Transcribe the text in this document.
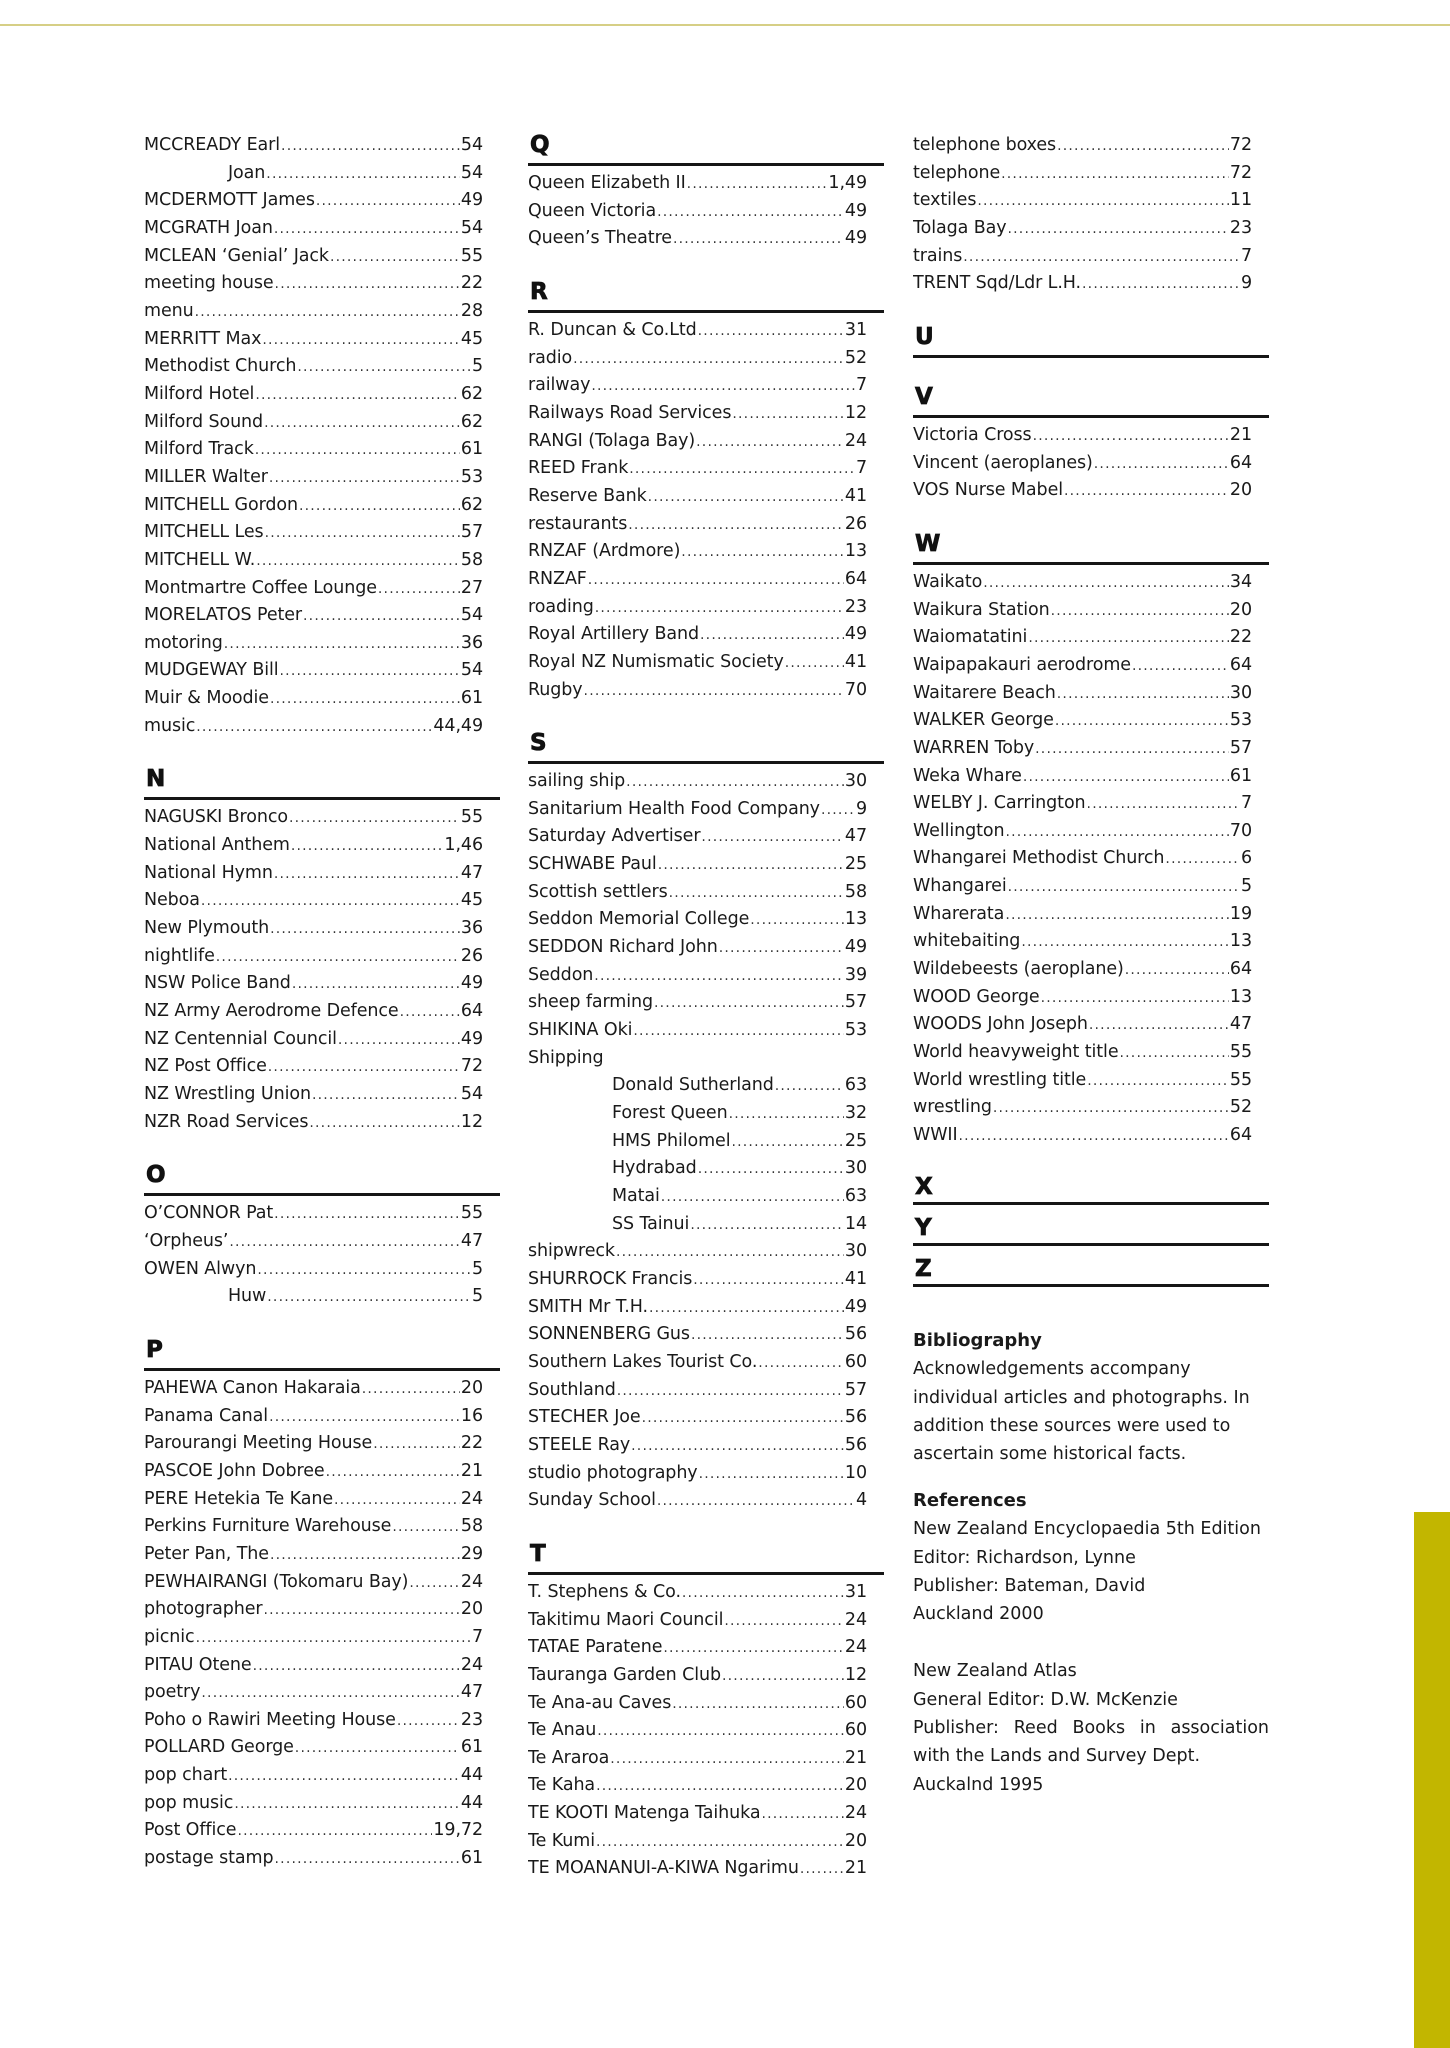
MCCREADY Earl .....	54
Joan .....	54
MCDERMOTT James .....	49
MCGRATH Joan .....	54
MCLEAN ‘Genial’ Jack .....	55
meeting house .....	22
menu .....	28
MERRITT Max .....	45
Methodist Church .....	5
Milford Hotel .....	62
Milford Sound .....	62
Milford Track .....	61
MILLER Walter .....	53
MITCHELL Gordon .....	62
MITCHELL Les .....	57
MITCHELL W. .....	58
Montmartre Coffee Lounge .....	27
MORELATOS Peter .....	54
motoring .....	36
MUDGEWAY Bill .....	54
Muir & Moodie .....	61
music .....	44,49
N
NAGUSKI Bronco .....	55
National Anthem .....	1,46
National Hymn .....	47
Neboa .....	45
New Plymouth .....	36
nightlife .....	26
NSW Police Band .....	49
NZ Army Aerodrome Defence .....	64
NZ Centennial Council .....	49
NZ Post Office .....	72
NZ Wrestling Union .....	54
NZR Road Services .....	12
O
O’CONNOR Pat .....	55
‘Orpheus’ .....	47
OWEN Alwyn .....	5
Huw .....	5
P
PAHEWA Canon Hakaraia .....	20
Panama Canal .....	16
Parourangi Meeting House .....	22
PASCOE John Dobree .....	21
PERE Hetekia Te Kane .....	24
Perkins Furniture Warehouse .....	58
Peter Pan, The .....	29
PEWHAIRANGI (Tokomaru Bay) .....	24
photographer .....	20
picnic .....	7
PITAU Otene .....	24
poetry .....	47
Poho o Rawiri Meeting House .....	23
POLLARD George .....	61
pop chart .....	44
pop music .....	44
Post Office .....	19,72
postage stamp .....	61
Q
Queen Elizabeth II .....	1,49
Queen Victoria .....	49
Queen’s Theatre .....	49
R
R. Duncan & Co.Ltd .....	31
radio .....	52
railway .....	7
Railways Road Services .....	12
RANGI (Tolaga Bay) .....	24
REED Frank .....	7
Reserve Bank .....	41
restaurants .....	26
RNZAF (Ardmore) .....	13
RNZAF .....	64
roading .....	23
Royal Artillery Band .....	49
Royal NZ Numismatic Society .....	41
Rugby .....	70
S
sailing ship .....	30
Sanitarium Health Food Company ..... 9
Saturday Advertiser .....	47
SCHWABE Paul .....	25
Scottish settlers .....	58
Seddon Memorial College .....	13
SEDDON Richard John .....	49
Seddon .....	39
sheep farming .....	57
SHIKINA Oki .....	53
Shipping
Donald Sutherland .....	63
Forest Queen .....	32
HMS Philomel .....	25
Hydrabad .....	30
Matai .....	63
SS Tainui .....	14
shipwreck .....	30
SHURROCK Francis .....	41
SMITH Mr T.H. .....	49
SONNENBERG Gus .....	56
Southern Lakes Tourist Co. .....	60
Southland .....	57
STECHER Joe .....	56
STEELE Ray .....	56
studio photography .....	10
Sunday School .....	4
T
T. Stephens & Co. .....	31
Takitimu Maori Council .....	24
TATAE Paratene .....	24
Tauranga Garden Club .....	12
Te Ana-au Caves .....	60
Te Anau .....	60
Te Araroa .....	21
Te Kaha .....	20
TE KOOTI Matenga Taihuka .....	24
Te Kumi .....	20
TE MOANANUI-A-KIWA Ngarimu .....	21
telephone boxes .....	72
telephone .....	72
textiles .....	11
Tolaga Bay .....	23
trains .....	7
TRENT Sqd/Ldr L.H. .....	9
U
V
Victoria Cross .....	21
Vincent (aeroplanes) .....	64
VOS Nurse Mabel .....	20
W
Waikato .....	34
Waikura Station .....	20
Waiomatatini .....	22
Waipapakauri aerodrome .....	64
Waitarere Beach .....	30
WALKER George .....	53
WARREN Toby .....	57
Weka Whare .....	61
WELBY J. Carrington .....	7
Wellington .....	70
Whangarei Methodist Church .....	6
Whangarei .....	5
Wharerata .....	19
whitebaiting .....	13
Wildebeests (aeroplane) .....	64
WOOD George .....	13
WOODS John Joseph .....	47
World heavyweight title .....	55
World wrestling title .....	55
wrestling .....	52
WWII .....	64
X
Y
Z
Bibliography

Acknowledgements accompany
individual articles and photographs. In
addition these sources were used to
ascertain some historical facts.

References
New Zealand Encyclopaedia 5th Edition
Editor: Richardson, Lynne
Publisher: Bateman, David
Auckland 2000
New Zealand Atlas
General Editor: D.W. McKenzie
Publisher: Reed Books in association
with the Lands and Survey Dept.
Auckalnd 1995
